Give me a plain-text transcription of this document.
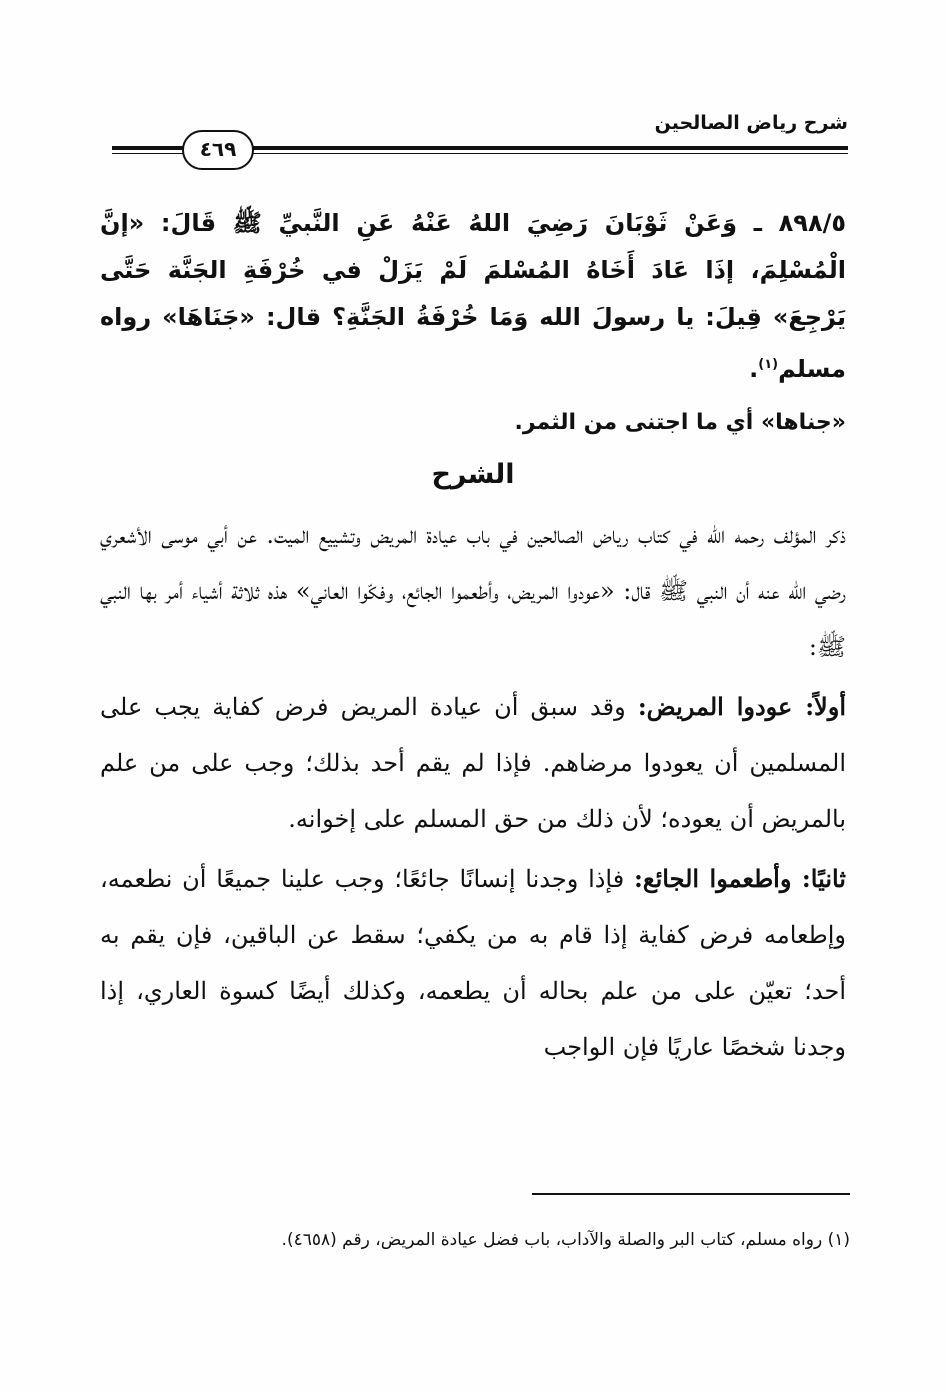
شرح رياض الصالحين
٤٦٩

٨٩٨/٥ ـ وَعَنْ ثَوْبَانَ رَضِيَ اللهُ عَنْهُ عَنِ النَّبيِّ ﷺ قَالَ: «إنَّ الْمُسْلِمَ، إذَا عَادَ أَخَاهُ المُسْلمَ لَمْ يَزَلْ في خُرْفَةِ الجَنَّة حَتَّى يَرْجِعَ» قِيلَ: يا رسولَ الله وَمَا خُرْفَةُ الجَنَّةِ؟ قال: «جَنَاهَا» رواه مسلم$^{(١)}$.

«جناها» أي ما اجتنى من الثمر.

الشرح

ذكر المؤلف رحمه الله في كتاب رياض الصالحين في باب عيادة المريض وتشييع الميت. عن أبي موسى الأشعري رضي الله عنه أن النبي ﷺ قال: «عودوا المريض، وأطعموا الجائع، وفكّوا العاني» هذه ثلاثة أشياء أمر بها النبي ﷺ:

أولاً: عودوا المريض: وقد سبق أن عيادة المريض فرض كفاية يجب على المسلمين أن يعودوا مرضاهم. فإذا لم يقم أحد بذلك؛ وجب على من علم بالمريض أن يعوده؛ لأن ذلك من حق المسلم على إخوانه.

ثانيًا: وأطعموا الجائع: فإذا وجدنا إنسانًا جائعًا؛ وجب علينا جميعًا أن نطعمه، وإطعامه فرض كفاية إذا قام به من يكفي؛ سقط عن الباقين، فإن يقم به أحد؛ تعيّن على من علم بحاله أن يطعمه، وكذلك أيضًا كسوة العاري، إذا وجدنا شخصًا عاريًا فإن الواجب

(١) رواه مسلم، كتاب البر والصلة والآداب، باب فضل عيادة المريض، رقم (٤٦٥٨).
